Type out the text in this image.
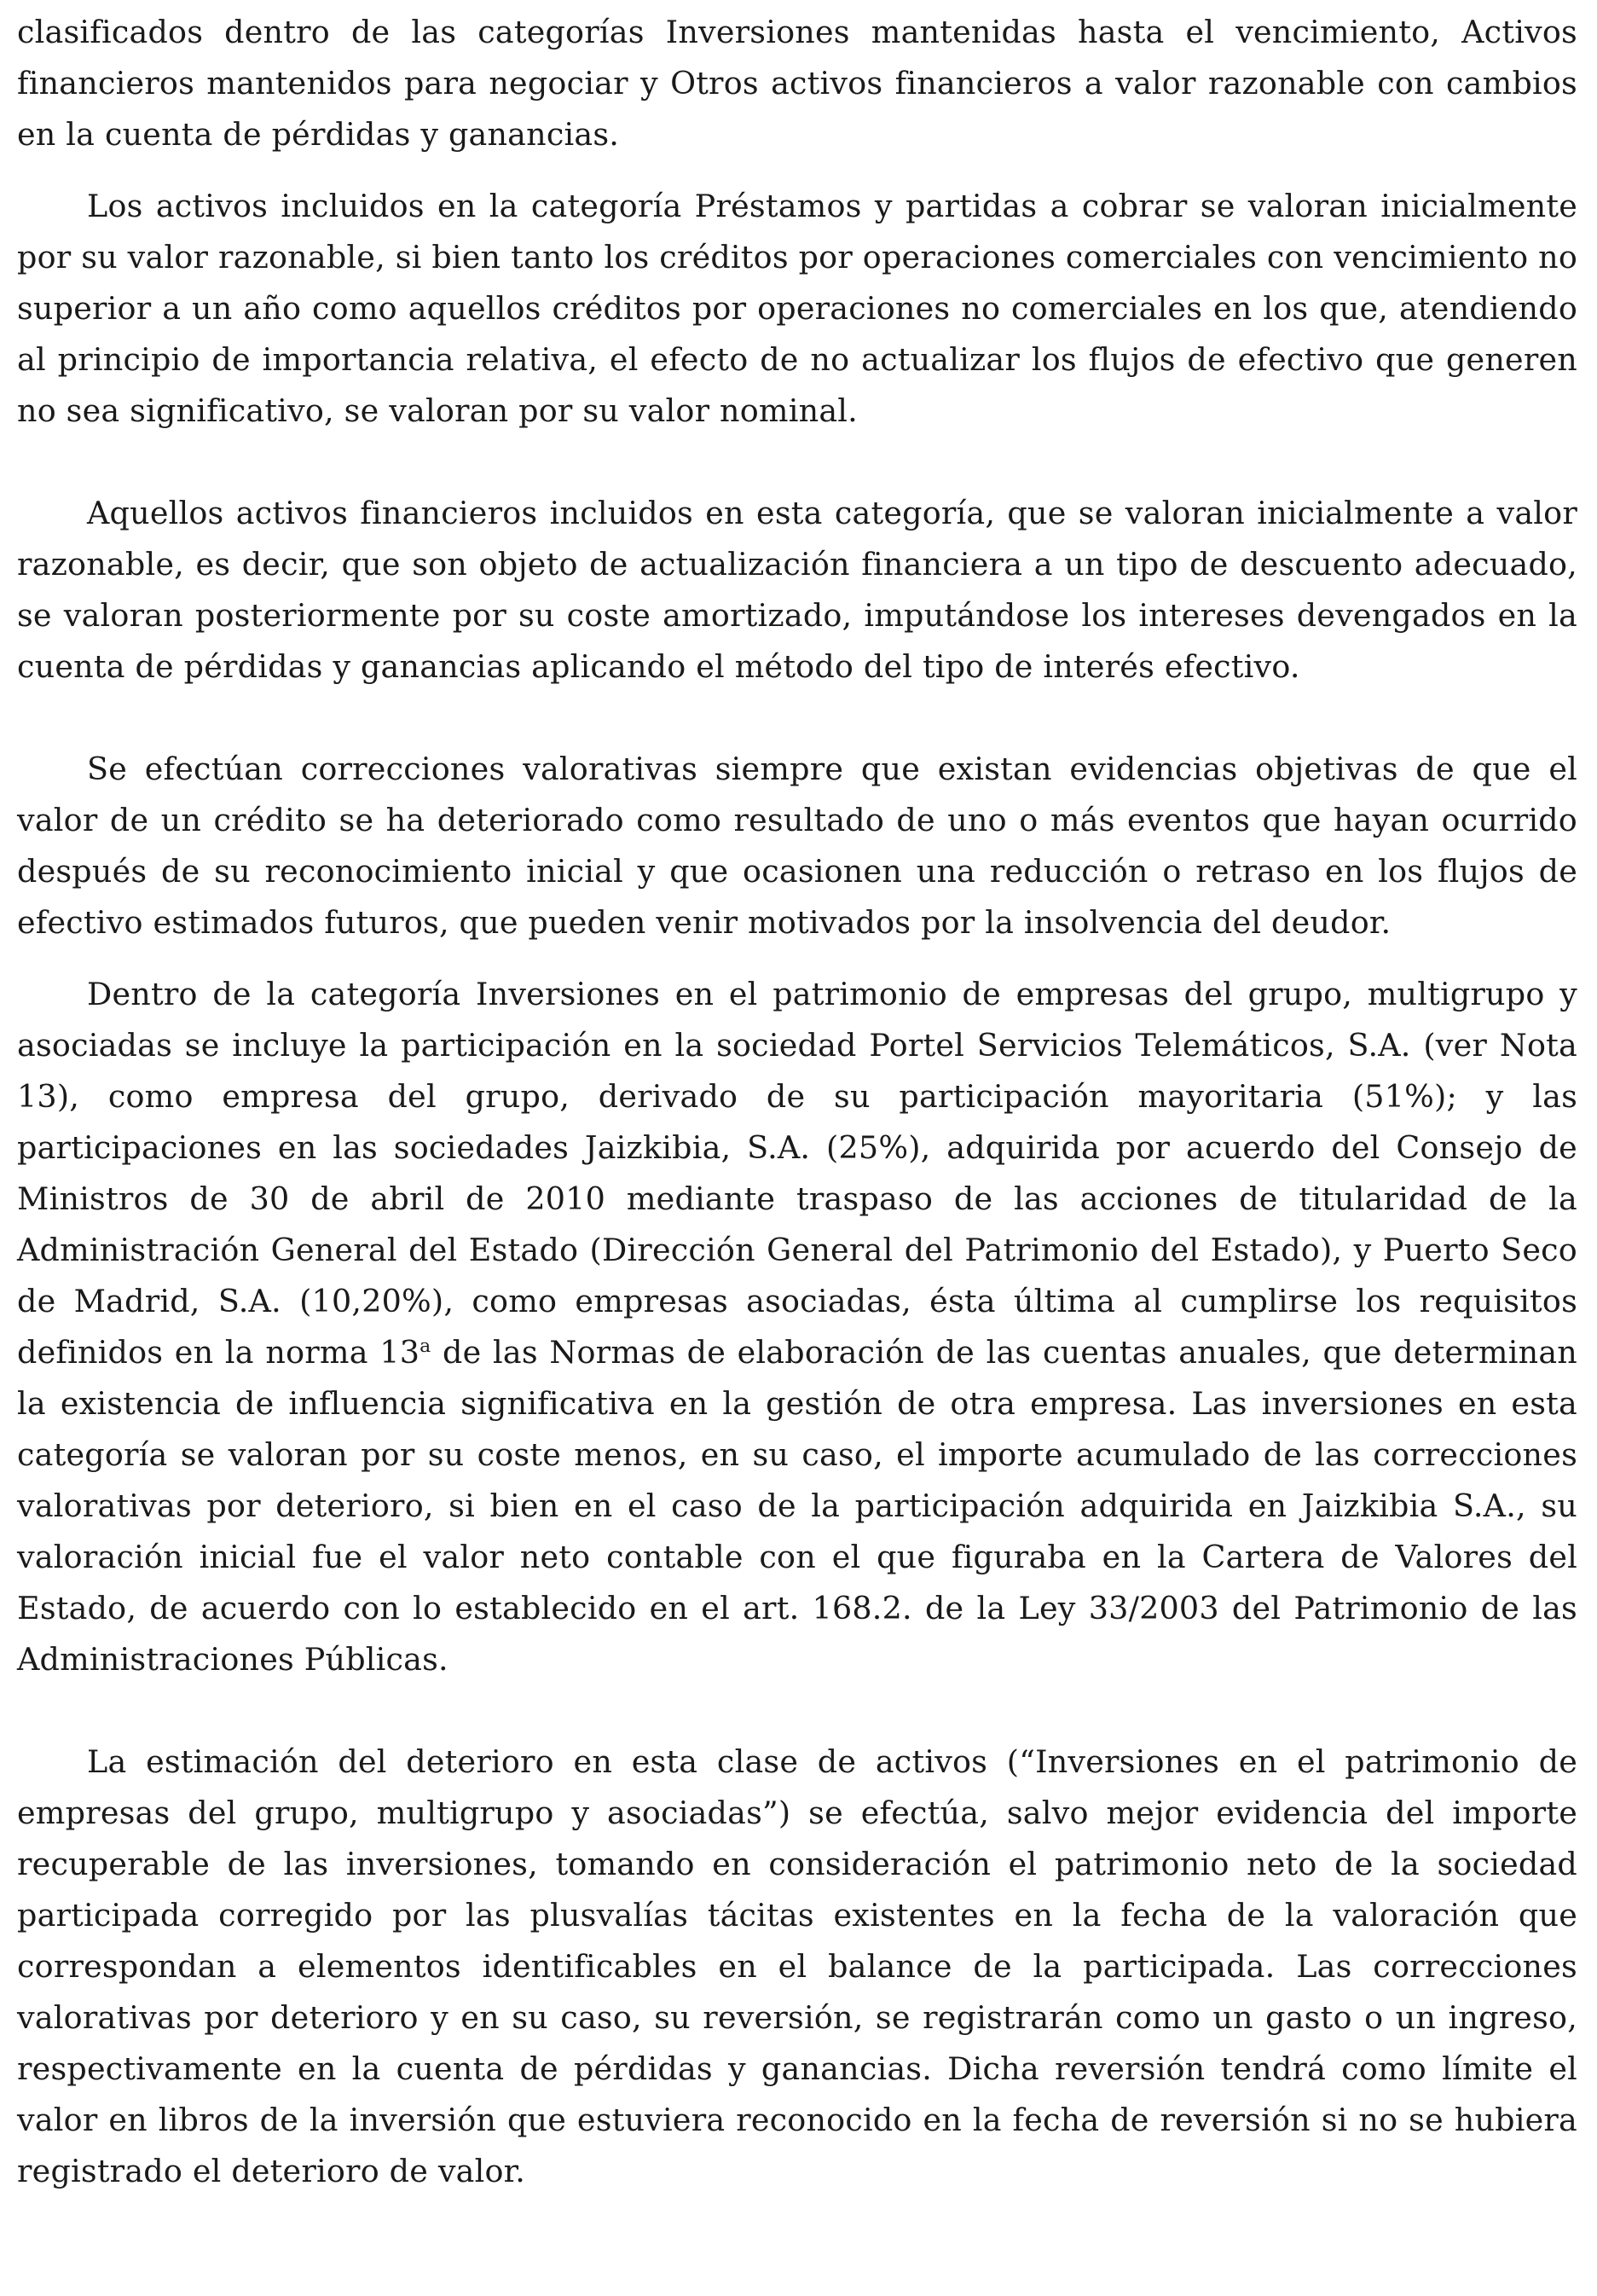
clasificados dentro de las categorías Inversiones mantenidas hasta el vencimiento, Activos financieros mantenidos para negociar y Otros activos financieros a valor razonable con cambios en la cuenta de pérdidas y ganancias.

Los activos incluidos en la categoría Préstamos y partidas a cobrar se valoran inicialmente por su valor razonable, si bien tanto los créditos por operaciones comerciales con vencimiento no superior a un año como aquellos créditos por operaciones no comerciales en los que, atendiendo al principio de importancia relativa, el efecto de no actualizar los flujos de efectivo que generen no sea significativo, se valoran por su valor nominal.

Aquellos activos financieros incluidos en esta categoría, que se valoran inicialmente a valor razonable, es decir, que son objeto de actualización financiera a un tipo de descuento adecuado, se valoran posteriormente por su coste amortizado, imputándose los intereses devengados en la cuenta de pérdidas y ganancias aplicando el método del tipo de interés efectivo.

Se efectúan correcciones valorativas siempre que existan evidencias objetivas de que el valor de un crédito se ha deteriorado como resultado de uno o más eventos que hayan ocurrido después de su reconocimiento inicial y que ocasionen una reducción o retraso en los flujos de efectivo estimados futuros, que pueden venir motivados por la insolvencia del deudor.

Dentro de la categoría Inversiones en el patrimonio de empresas del grupo, multigrupo y asociadas se incluye la participación en la sociedad Portel Servicios Telemáticos, S.A. (ver Nota 13), como empresa del grupo, derivado de su participación mayoritaria (51%); y las participaciones en las sociedades Jaizkibia, S.A. (25%), adquirida por acuerdo del Consejo de Ministros de 30 de abril de 2010 mediante traspaso de las acciones de titularidad de la Administración General del Estado (Dirección General del Patrimonio del Estado), y Puerto Seco de Madrid, S.A. (10,20%), como empresas asociadas, ésta última al cumplirse los requisitos definidos en la norma 13$^a$ de las Normas de elaboración de las cuentas anuales, que determinan la existencia de influencia significativa en la gestión de otra empresa. Las inversiones en esta categoría se valoran por su coste menos, en su caso, el importe acumulado de las correcciones valorativas por deterioro, si bien en el caso de la participación adquirida en Jaizkibia S.A., su valoración inicial fue el valor neto contable con el que figuraba en la Cartera de Valores del Estado, de acuerdo con lo establecido en el art. 168.2. de la Ley 33/2003 del Patrimonio de las Administraciones Públicas.

La estimación del deterioro en esta clase de activos (“Inversiones en el patrimonio de empresas del grupo, multigrupo y asociadas”) se efectúa, salvo mejor evidencia del importe recuperable de las inversiones, tomando en consideración el patrimonio neto de la sociedad participada corregido por las plusvalías tácitas existentes en la fecha de la valoración que correspondan a elementos identificables en el balance de la participada. Las correcciones valorativas por deterioro y en su caso, su reversión, se registrarán como un gasto o un ingreso, respectivamente en la cuenta de pérdidas y ganancias. Dicha reversión tendrá como límite el valor en libros de la inversión que estuviera reconocido en la fecha de reversión si no se hubiera registrado el deterioro de valor.
